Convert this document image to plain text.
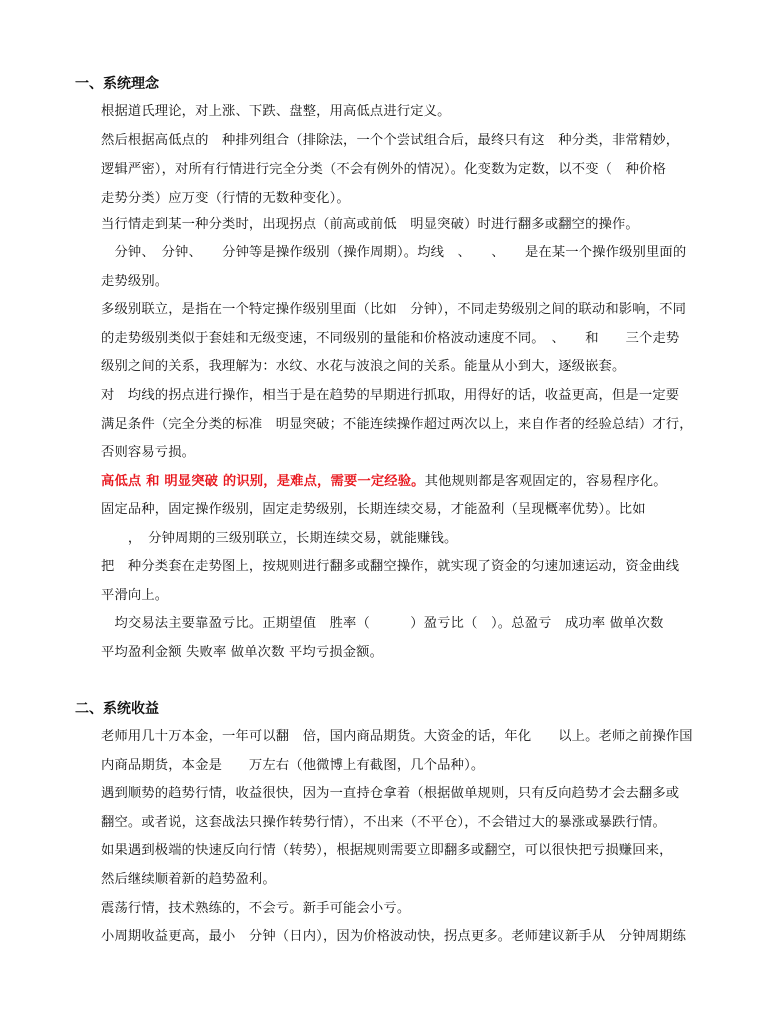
一、系统理念
根据道氏理论，对上涨、下跌、盘整，用高低点进行定义。
然后根据高低点的　种排列组合（排除法，一个个尝试组合后，最终只有这　种分类，非常精妙，
逻辑严密），对所有行情进行完全分类（不会有例外的情况）。化变数为定数，以不变（　种价格
走势分类）应万变（行情的无数种变化）。
当行情走到某一种分类时，出现拐点（前高或前低　明显突破）时进行翻多或翻空的操作。
　分钟、　分钟、　　分钟等是操作级别（操作周期）。均线　、　　、　　是在某一个操作级别里面的
走势级别。
多级别联立，是指在一个特定操作级别里面（比如　分钟），不同走势级别之间的联动和影响，不同
的走势级别类似于套娃和无级变速，不同级别的量能和价格波动速度不同。　、　　和　　三个走势
级别之间的关系，我理解为：水纹、水花与波浪之间的关系。能量从小到大，逐级嵌套。
对　均线的拐点进行操作，相当于是在趋势的早期进行抓取，用得好的话，收益更高，但是一定要
满足条件（完全分类的标准　明显突破；不能连续操作超过两次以上，来自作者的经验总结）才行，
否则容易亏损。
高低点 和 明显突破 的识别，是难点，需要一定经验。其他规则都是客观固定的，容易程序化。
固定品种，固定操作级别，固定走势级别，长期连续交易，才能盈利（呈现概率优势）。比如
　　，　分钟周期的三级别联立，长期连续交易，就能赚钱。
把　种分类套在走势图上，按规则进行翻多或翻空操作，就实现了资金的匀速加速运动，资金曲线
平滑向上。
　均交易法主要靠盈亏比。正期望值　胜率（　　　）盈亏比（　）。总盈亏　成功率 做单次数
平均盈利金额 失败率 做单次数 平均亏损金额。
二、系统收益
老师用几十万本金，一年可以翻　倍，国内商品期货。大资金的话，年化　　以上。老师之前操作国
内商品期货，本金是　　万左右（他微博上有截图，几个品种）。
遇到顺势的趋势行情，收益很快，因为一直持仓拿着（根据做单规则，只有反向趋势才会去翻多或
翻空。或者说，这套战法只操作转势行情），不出来（不平仓），不会错过大的暴涨或暴跌行情。
如果遇到极端的快速反向行情（转势），根据规则需要立即翻多或翻空，可以很快把亏损赚回来，
然后继续顺着新的趋势盈利。
震荡行情，技术熟练的，不会亏。新手可能会小亏。
小周期收益更高，最小　分钟（日内），因为价格波动快，拐点更多。老师建议新手从　分钟周期练
